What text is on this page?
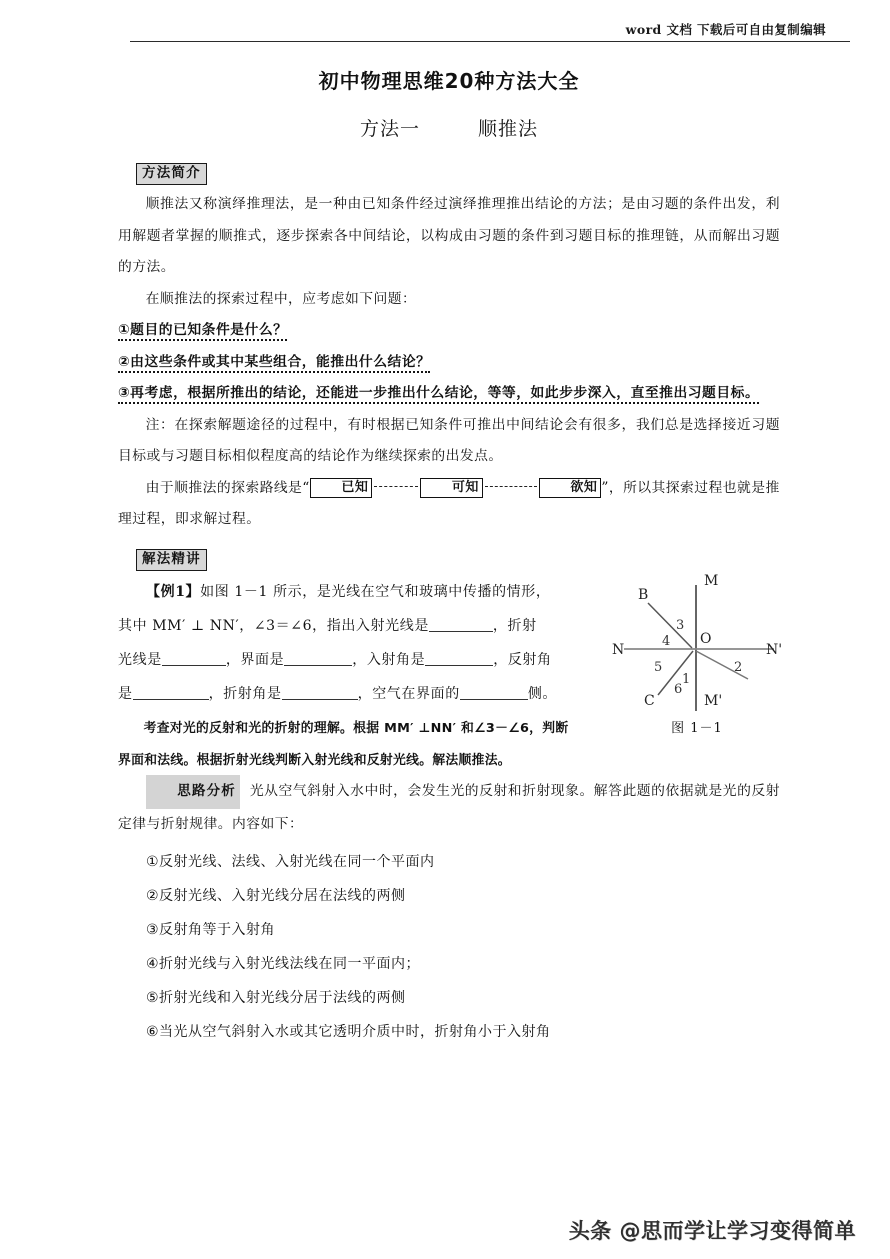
word 文档 下载后可自由复制编辑
初中物理思维20种方法大全
方法一	顺推法
方法简介

顺推法又称演绎推理法，是一种由已知条件经过演绎推理推出结论的方法；是由习题的条件出发，利用解题者掌握的顺推式，逐步探索各中间结论，以构成由习题的条件到习题目标的推理链，从而解出习题的方法。

在顺推法的探索过程中，应考虑如下问题：

①题目的已知条件是什么？

②由这些条件或其中某些组合，能推出什么结论？

③再考虑，根据所推出的结论，还能进一步推出什么结论，等等，如此步步深入，直至推出习题目标。

注：在探索解题途径的过程中，有时根据已知条件可推出中间结论会有很多，我们总是选择接近习题目标或与习题目标相似程度高的结论作为继续探索的出发点。

由于顺推法的探索路线是“ 已知	可知	欲知 ”，所以其探索过程也就是推理过程，即求解过程。

解法精讲
M
M'
N	N'
O
B
C
1
2
3
4
5
6
图 1－1

【例1】如图 1－1 所示，是光线在空气和玻璃中传播的情形，

其中 MM′ ⊥ NN′，∠3＝∠6，指出入射光线是	，折射

光线是	，界面是	，入射角是	，反射角

是	，折射角是	，空气在界面的	侧。

考查对光的反射和光的折射的理解。根据 MM′ ⊥NN′ 和∠3－∠6，判断

界面和法线。根据折射光线判断入射光线和反射光线。解法顺推法。

思路分析 光从空气斜射入水中时，会发生光的反射和折射现象。解答此题的依据就是光的反射定律与折射规律。内容如下：

①反射光线、法线、入射光线在同一个平面内

②反射光线、入射光线分居在法线的两侧

③反射角等于入射角

④折射光线与入射光线法线在同一平面内；

⑤折射光线和入射光线分居于法线的两侧

⑥当光从空气斜射入水或其它透明介质中时，折射角小于入射角

头条 @思而学让学习变得简单
